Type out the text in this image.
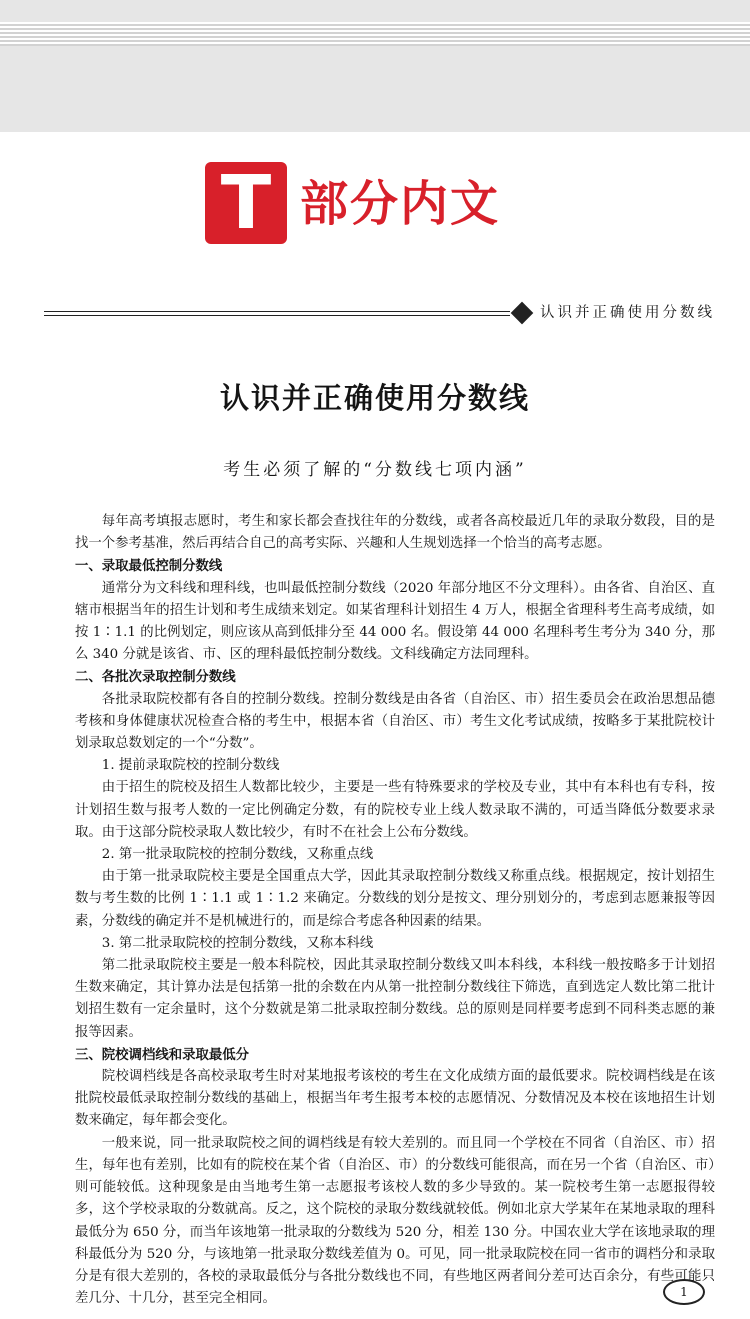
T 部分内文
认识并正确使用分数线
认识并正确使用分数线
考生必须了解的“分数线七项内涵”

每年高考填报志愿时，考生和家长都会查找往年的分数线，或者各高校最近几年的录取分数段，目的是找一个参考基准，然后再结合自己的高考实际、兴趣和人生规划选择一个恰当的高考志愿。

一、录取最低控制分数线

通常分为文科线和理科线，也叫最低控制分数线（2020 年部分地区不分文理科）。由各省、自治区、直辖市根据当年的招生计划和考生成绩来划定。如某省理科计划招生 4 万人，根据全省理科考生高考成绩，如按 1∶1.1 的比例划定，则应该从高到低排分至 44 000 名。假设第 44 000 名理科考生考分为 340 分，那么 340 分就是该省、市、区的理科最低控制分数线。文科线确定方法同理科。

二、各批次录取控制分数线

各批录取院校都有各自的控制分数线。控制分数线是由各省（自治区、市）招生委员会在政治思想品德考核和身体健康状况检查合格的考生中，根据本省（自治区、市）考生文化考试成绩，按略多于某批院校计划录取总数划定的一个“分数”。

1. 提前录取院校的控制分数线

由于招生的院校及招生人数都比较少，主要是一些有特殊要求的学校及专业，其中有本科也有专科，按计划招生数与报考人数的一定比例确定分数，有的院校专业上线人数录取不满的，可适当降低分数要求录取。由于这部分院校录取人数比较少，有时不在社会上公布分数线。

2. 第一批录取院校的控制分数线，又称重点线

由于第一批录取院校主要是全国重点大学，因此其录取控制分数线又称重点线。根据规定，按计划招生数与考生数的比例 1∶1.1 或 1∶1.2 来确定。分数线的划分是按文、理分别划分的，考虑到志愿兼报等因素，分数线的确定并不是机械进行的，而是综合考虑各种因素的结果。

3. 第二批录取院校的控制分数线，又称本科线

第二批录取院校主要是一般本科院校，因此其录取控制分数线又叫本科线，本科线一般按略多于计划招生数来确定，其计算办法是包括第一批的余数在内从第一批控制分数线往下筛选，直到选定人数比第二批计划招生数有一定余量时，这个分数就是第二批录取控制分数线。总的原则是同样要考虑到不同科类志愿的兼报等因素。

三、院校调档线和录取最低分

院校调档线是各高校录取考生时对某地报考该校的考生在文化成绩方面的最低要求。院校调档线是在该批院校最低录取控制分数线的基础上，根据当年考生报考本校的志愿情况、分数情况及本校在该地招生计划数来确定，每年都会变化。

一般来说，同一批录取院校之间的调档线是有较大差别的。而且同一个学校在不同省（自治区、市）招生，每年也有差别，比如有的院校在某个省（自治区、市）的分数线可能很高，而在另一个省（自治区、市）则可能较低。这种现象是由当地考生第一志愿报考该校人数的多少导致的。某一院校考生第一志愿报得较多，这个学校录取的分数就高。反之，这个院校的录取分数线就较低。例如北京大学某年在某地录取的理科最低分为 650 分，而当年该地第一批录取的分数线为 520 分，相差 130 分。中国农业大学在该地录取的理科最低分为 520 分，与该地第一批录取分数线差值为 0。可见，同一批录取院校在同一省市的调档分和录取分是有很大差别的，各校的录取最低分与各批分数线也不同，有些地区两者间分差可达百余分，有些可能只差几分、十几分，甚至完全相同。	1
